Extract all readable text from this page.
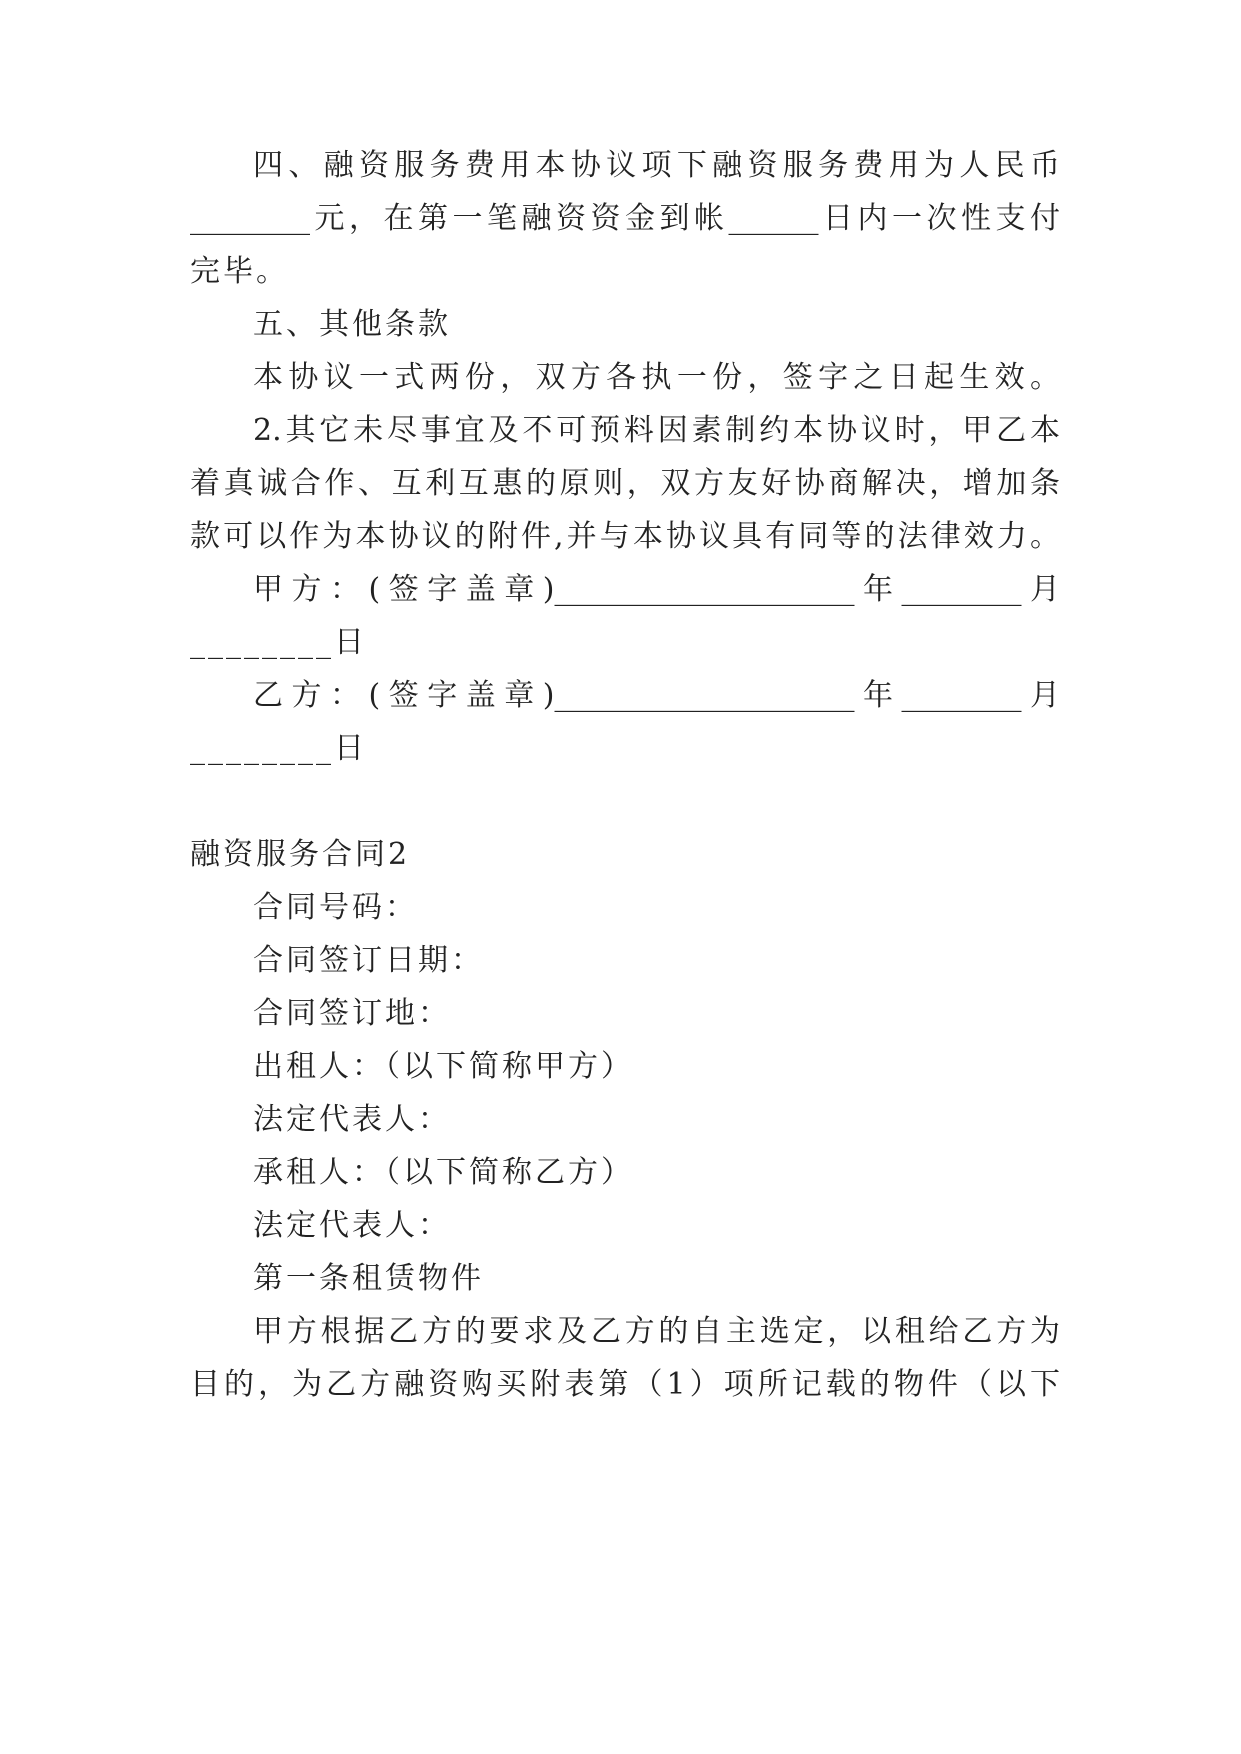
四、融资服务费用本协议项下融资服务费用为人民币
________元，在第一笔融资资金到帐______日内一次性支付
完毕。
五、其他条款
本协议一式两份，双方各执一份，签字之日起生效。
2.其它未尽事宜及不可预料因素制约本协议时，甲乙本
着真诚合作、互利互惠的原则，双方友好协商解决，增加条
款可以作为本协议的附件,并与本协议具有同等的法律效力。
甲方：(签字盖章)____________________年________月
________日
乙方：(签字盖章)____________________年________月
________日
融资服务合同2
合同号码：
合同签订日期：
合同签订地：
出租人：（以下简称甲方）
法定代表人：
承租人：（以下简称乙方）
法定代表人：
第一条租赁物件
甲方根据乙方的要求及乙方的自主选定，以租给乙方为
目的，为乙方融资购买附表第（1）项所记载的物件（以下
